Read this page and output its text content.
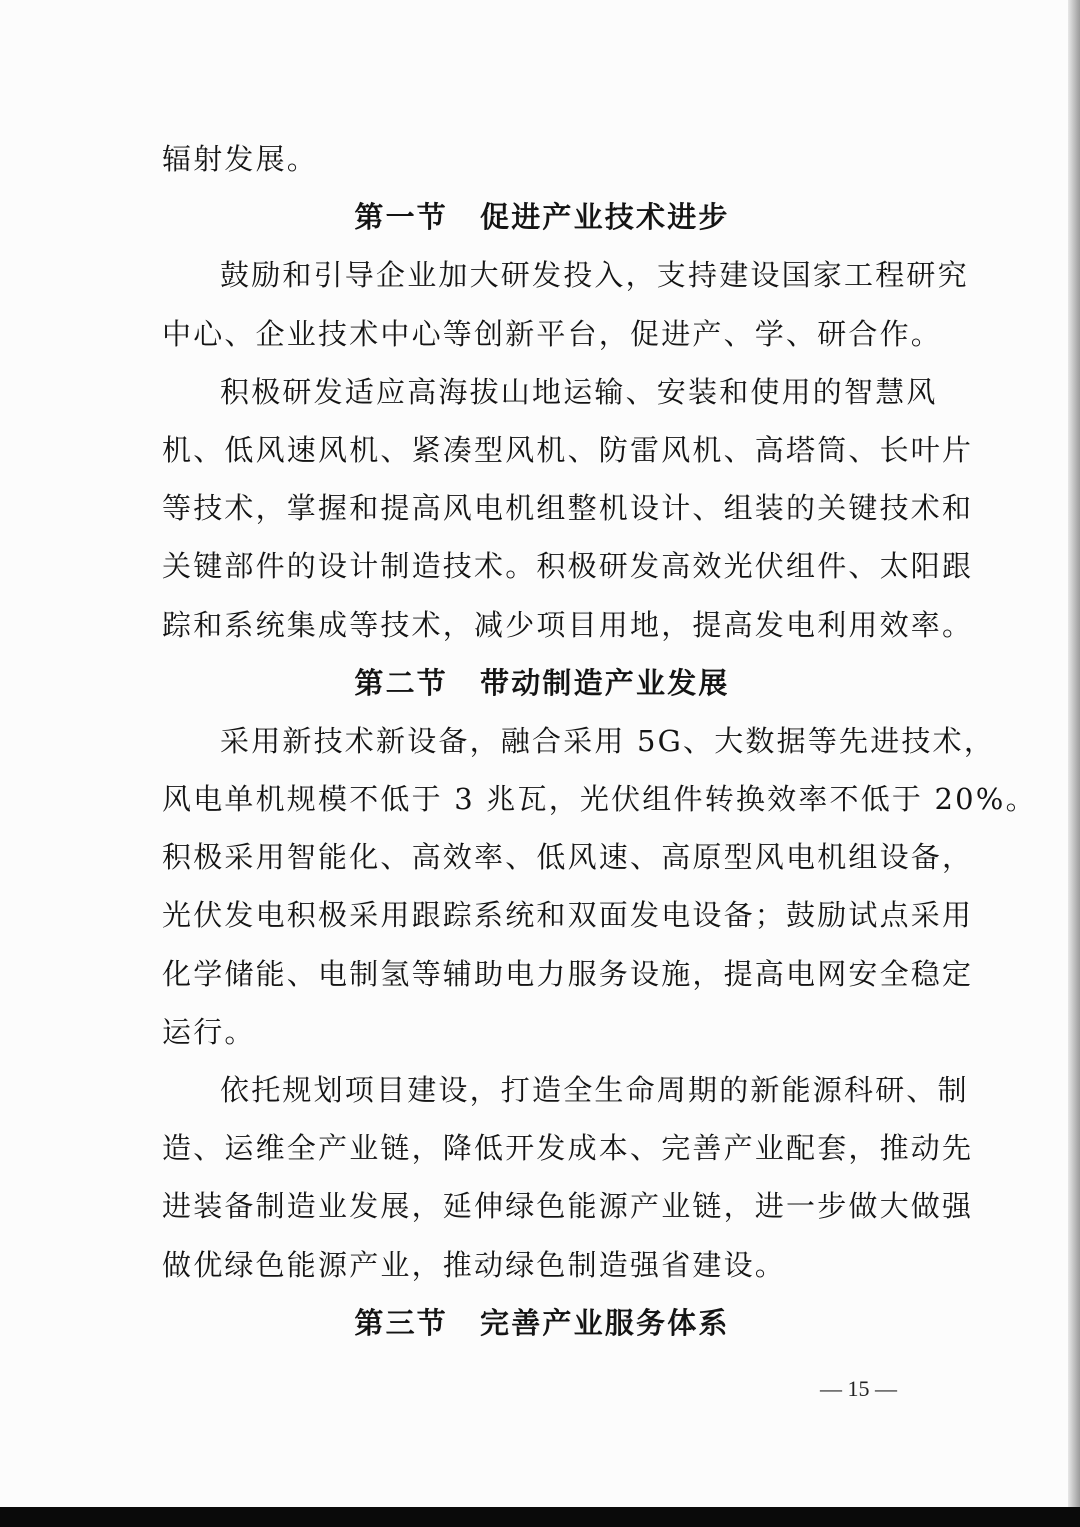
辐射发展。
第一节 促进产业技术进步
鼓励和引导企业加大研发投入，支持建设国家工程研究
中心、企业技术中心等创新平台，促进产、学、研合作。
积极研发适应高海拔山地运输、安装和使用的智慧风
机、低风速风机、紧凑型风机、防雷风机、高塔筒、长叶片
等技术，掌握和提高风电机组整机设计、组装的关键技术和
关键部件的设计制造技术。积极研发高效光伏组件、太阳跟
踪和系统集成等技术，减少项目用地，提高发电利用效率。
第二节 带动制造产业发展
采用新技术新设备，融合采用 5G、大数据等先进技术，
风电单机规模不低于 3 兆瓦，光伏组件转换效率不低于 20%。
积极采用智能化、高效率、低风速、高原型风电机组设备，
光伏发电积极采用跟踪系统和双面发电设备；鼓励试点采用
化学储能、电制氢等辅助电力服务设施，提高电网安全稳定
运行。
依托规划项目建设，打造全生命周期的新能源科研、制
造、运维全产业链，降低开发成本、完善产业配套，推动先
进装备制造业发展，延伸绿色能源产业链，进一步做大做强
做优绿色能源产业，推动绿色制造强省建设。
第三节 完善产业服务体系
— 15 —
